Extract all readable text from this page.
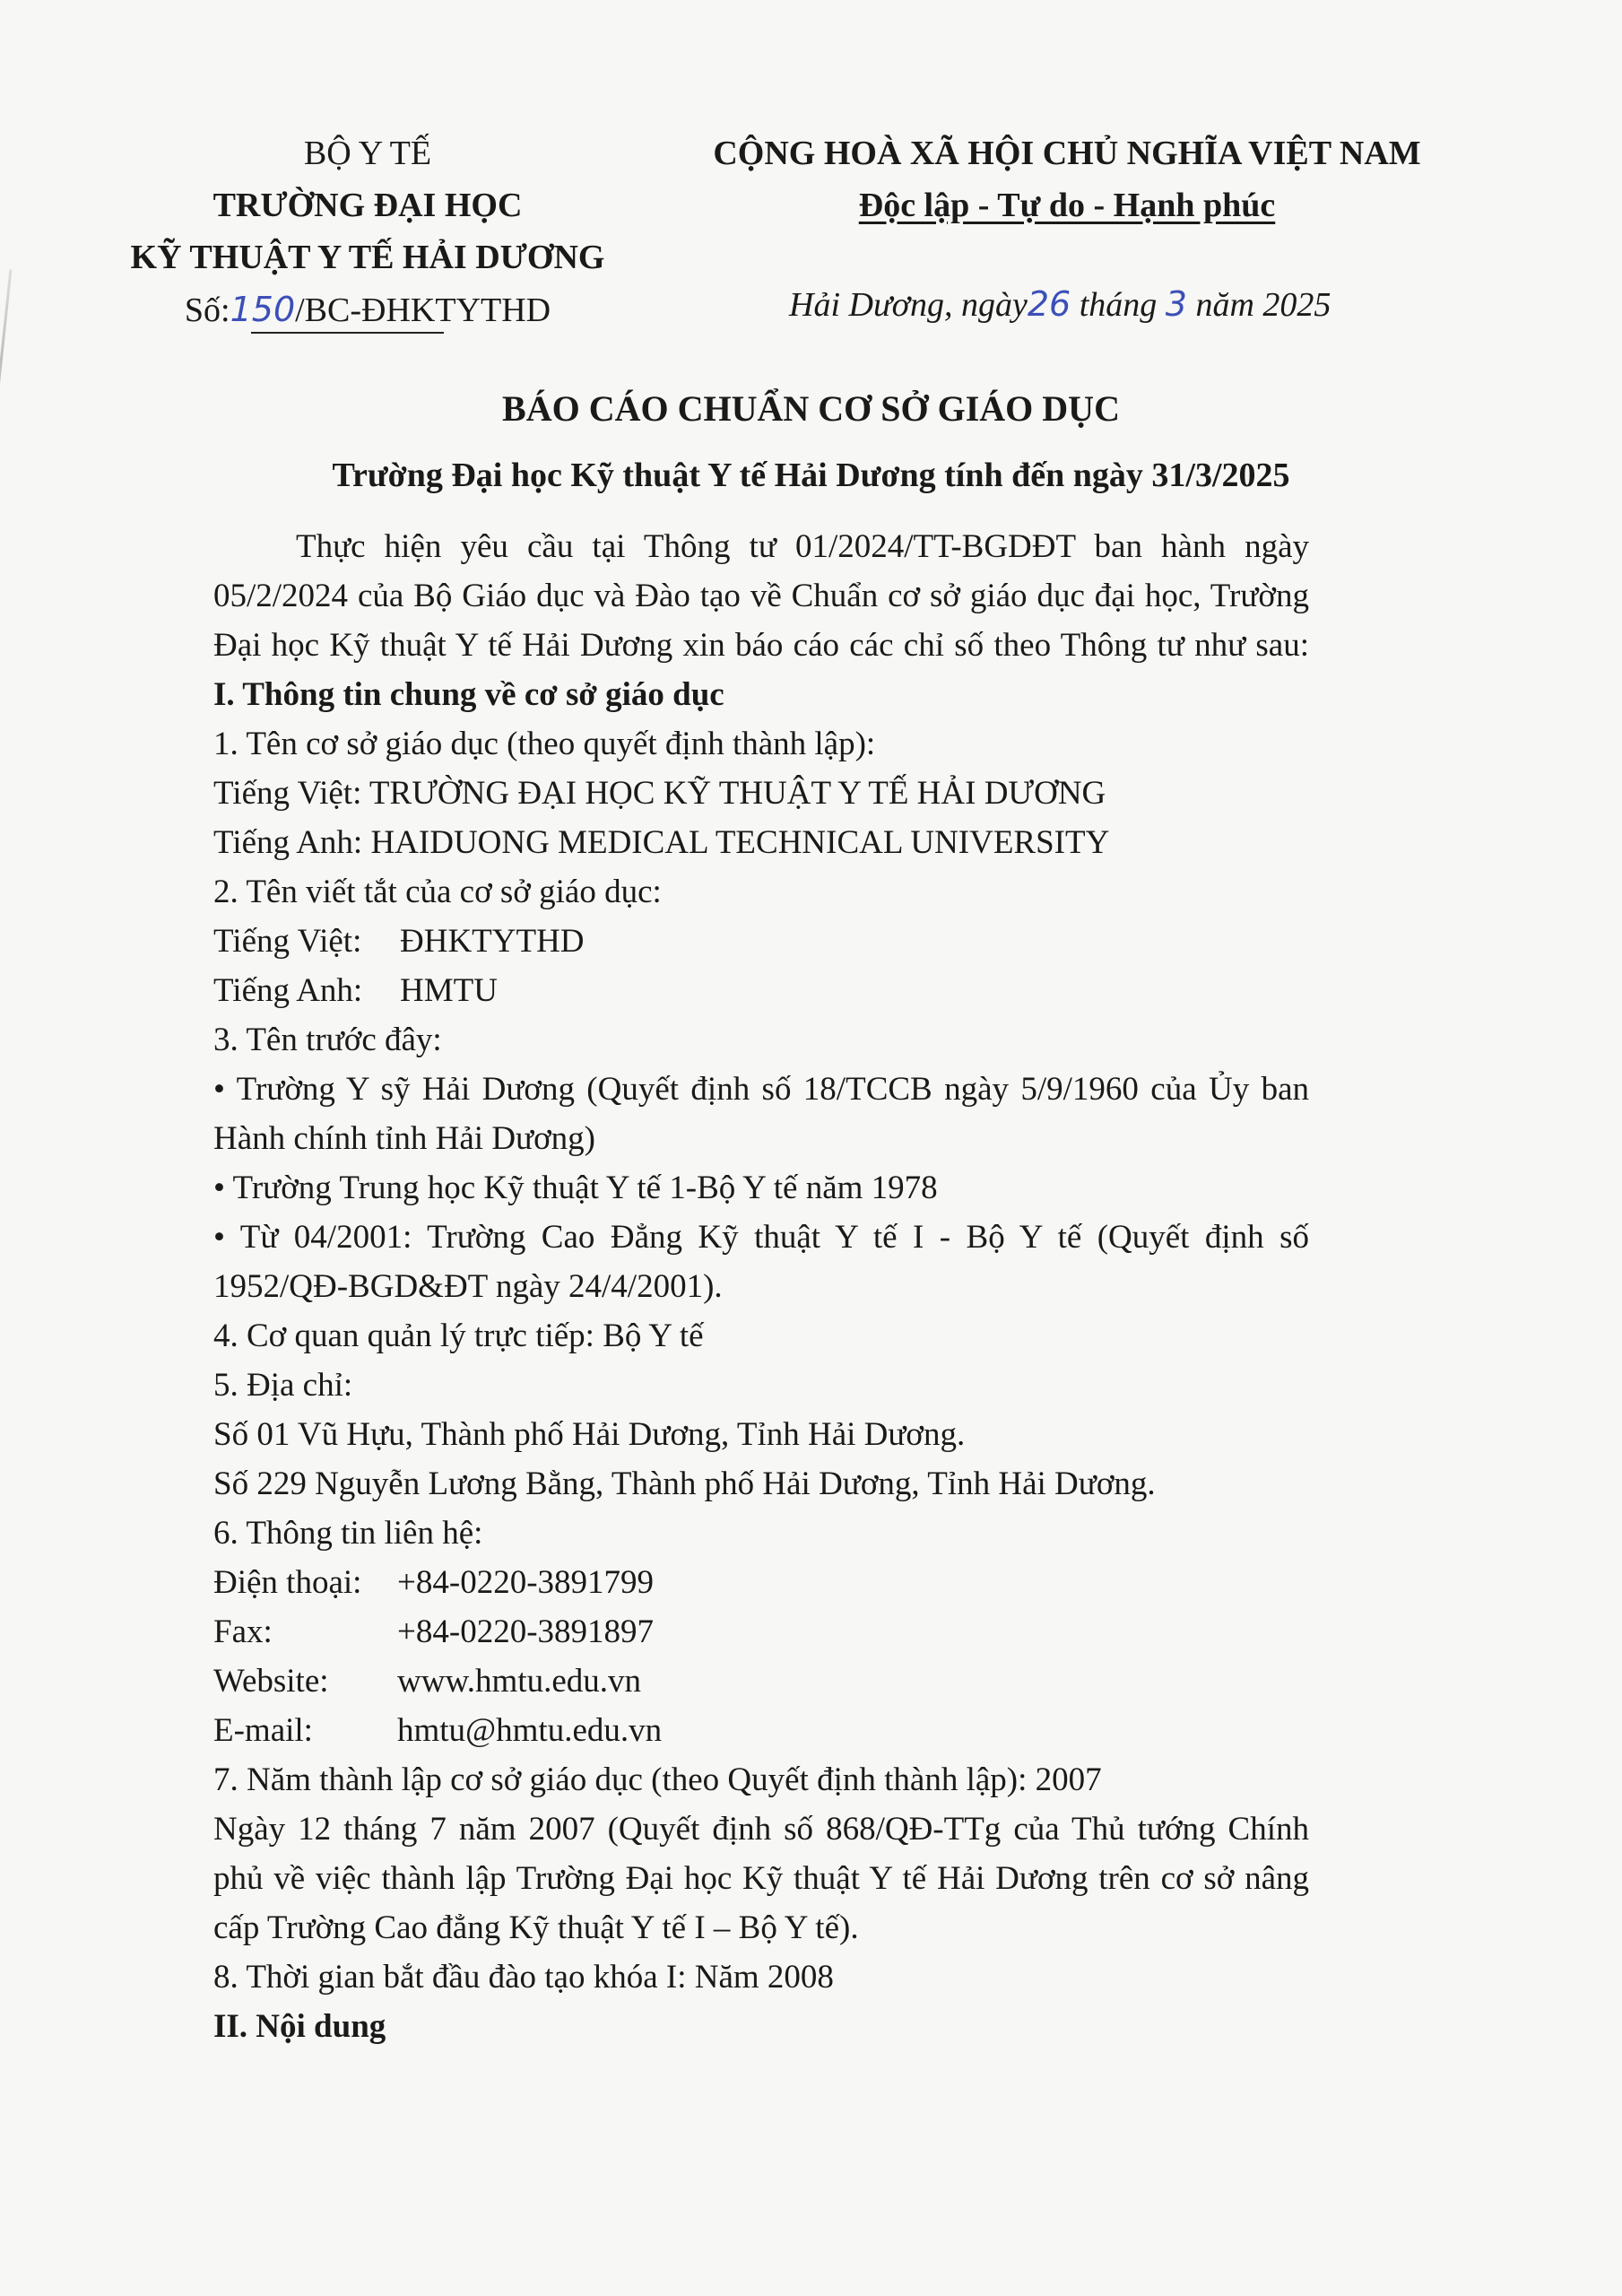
BỘ Y TẾ
TRƯỜNG ĐẠI HỌC
KỸ THUẬT Y TẾ HẢI DƯƠNG
Số:150/BC-ĐHKTYTHD
CỘNG HOÀ XÃ HỘI CHỦ NGHĨA VIỆT NAM
Độc lập - Tự do - Hạnh phúc
Hải Dương, ngày26 tháng 3 năm 2025
BÁO CÁO CHUẨN CƠ SỞ GIÁO DỤC
Trường Đại học Kỹ thuật Y tế Hải Dương tính đến ngày 31/3/2025

Thực hiện yêu cầu tại Thông tư 01/2024/TT-BGDĐT ban hành ngày

05/2/2024 của Bộ Giáo dục và Đào tạo về Chuẩn cơ sở giáo dục đại học, Trường

Đại học Kỹ thuật Y tế Hải Dương xin báo cáo các chỉ số theo Thông tư như sau:

I. Thông tin chung về cơ sở giáo dục

1. Tên cơ sở giáo dục (theo quyết định thành lập):

Tiếng Việt: TRƯỜNG ĐẠI HỌC KỸ THUẬT Y TẾ HẢI DƯƠNG

Tiếng Anh: HAIDUONG MEDICAL TECHNICAL UNIVERSITY

2. Tên viết tắt của cơ sở giáo dục:

Tiếng Việt:	ĐHKTYTHD
Tiếng Anh:	HMTU

3. Tên trước đây:

• Trường Y sỹ Hải Dương (Quyết định số 18/TCCB ngày 5/9/1960 của Ủy ban

Hành chính tỉnh Hải Dương)

• Trường Trung học Kỹ thuật Y tế 1-Bộ Y tế năm 1978

• Từ 04/2001: Trường Cao Đẳng Kỹ thuật Y tế I - Bộ Y tế (Quyết định số

1952/QĐ-BGD&ĐT ngày 24/4/2001).

4. Cơ quan quản lý trực tiếp: Bộ Y tế

5. Địa chỉ:

Số 01 Vũ Hựu, Thành phố Hải Dương, Tỉnh Hải Dương.

Số 229 Nguyễn Lương Bằng, Thành phố Hải Dương, Tỉnh Hải Dương.

6. Thông tin liên hệ:

Điện thoại:	+84-0220-3891799
Fax:	+84-0220-3891897
Website:	www.hmtu.edu.vn
E-mail:	hmtu@hmtu.edu.vn

7. Năm thành lập cơ sở giáo dục (theo Quyết định thành lập): 2007

Ngày 12 tháng 7 năm 2007 (Quyết định số 868/QĐ-TTg của Thủ tướng Chính

phủ về việc thành lập Trường Đại học Kỹ thuật Y tế Hải Dương trên cơ sở nâng

cấp Trường Cao đẳng Kỹ thuật Y tế I – Bộ Y tế).

8. Thời gian bắt đầu đào tạo khóa I: Năm 2008

II. Nội dung
